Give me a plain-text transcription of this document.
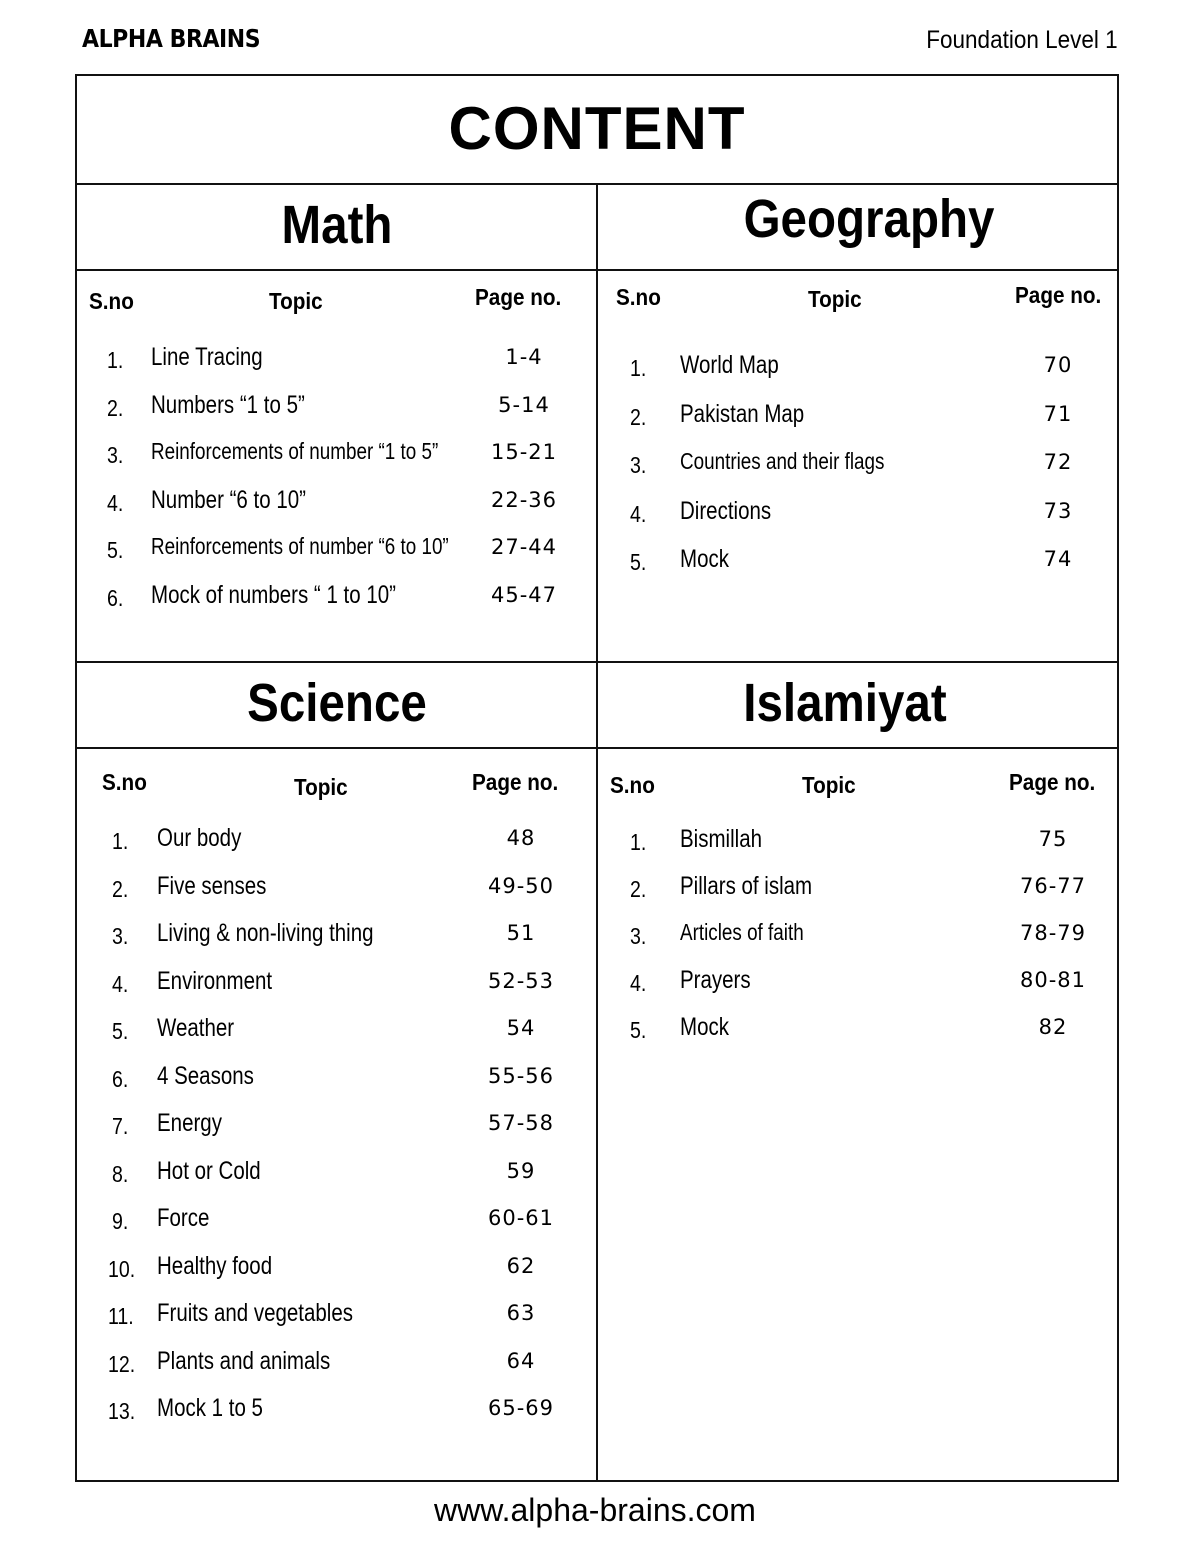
ALPHA BRAINS	Foundation Level 1
CONTENT
Math	Geography
Science	Islamiyat
S.no	Topic	Page no.
1. Line Tracing	1-4
2. Numbers “1 to 5”	5-14
3. Reinforcements of number “1 to 5”	15-21
4. Number “6 to 10”	22-36
5. Reinforcements of number “6 to 10”	27-44
6. Mock of numbers “ 1 to 10”	45-47
S.no	Topic	Page no.
1. World Map	70
2. Pakistan Map	71
3. Countries and their flags	72
4. Directions	73
5. Mock	74
S.no	Topic	Page no.
1. Our body	48
2. Five senses	49-50
3. Living & non-living thing	51
4. Environment	52-53
5. Weather	54
6. 4 Seasons	55-56
7. Energy	57-58
8. Hot or Cold	59
9. Force	60-61
10. Healthy food	62
11. Fruits and vegetables	63
12. Plants and animals	64
13. Mock 1 to 5	65-69
S.no	Topic	Page no.
1. Bismillah	75
2. Pillars of islam	76-77
3. Articles of faith	78-79
4. Prayers	80-81
5. Mock	82
www.alpha-brains.com
